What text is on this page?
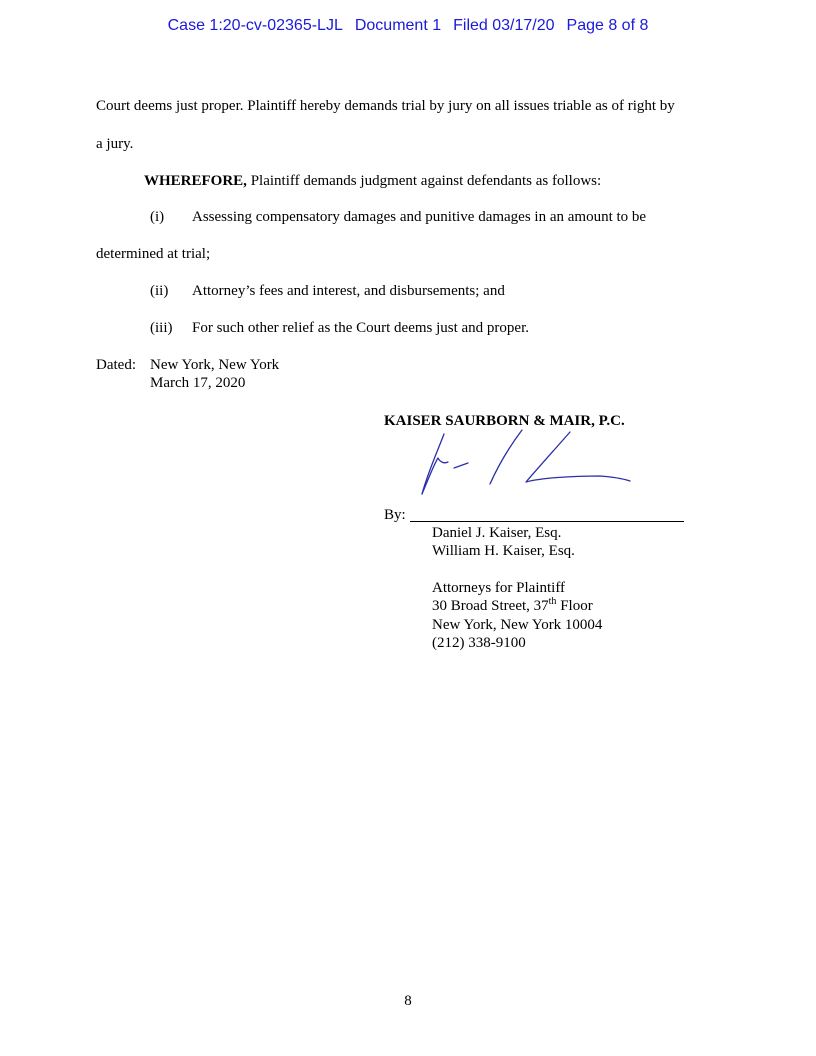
Case 1:20-cv-02365-LJL Document 1 Filed 03/17/20 Page 8 of 8
Court deems just proper. Plaintiff hereby demands trial by jury on all issues triable as of right by
a jury.
WHEREFORE, Plaintiff demands judgment against defendants as follows:
(i) Assessing compensatory damages and punitive damages in an amount to be
determined at trial;
(ii) Attorney’s fees and interest, and disbursements; and
(iii) For such other relief as the Court deems just and proper.
Dated: New York, New York
March 17, 2020
KAISER SAURBORN & MAIR, P.C.
By:
Daniel J. Kaiser, Esq.
William H. Kaiser, Esq.
Attorneys for Plaintiff
30 Broad Street, 37th Floor
New York, New York 10004
(212) 338-9100
8
